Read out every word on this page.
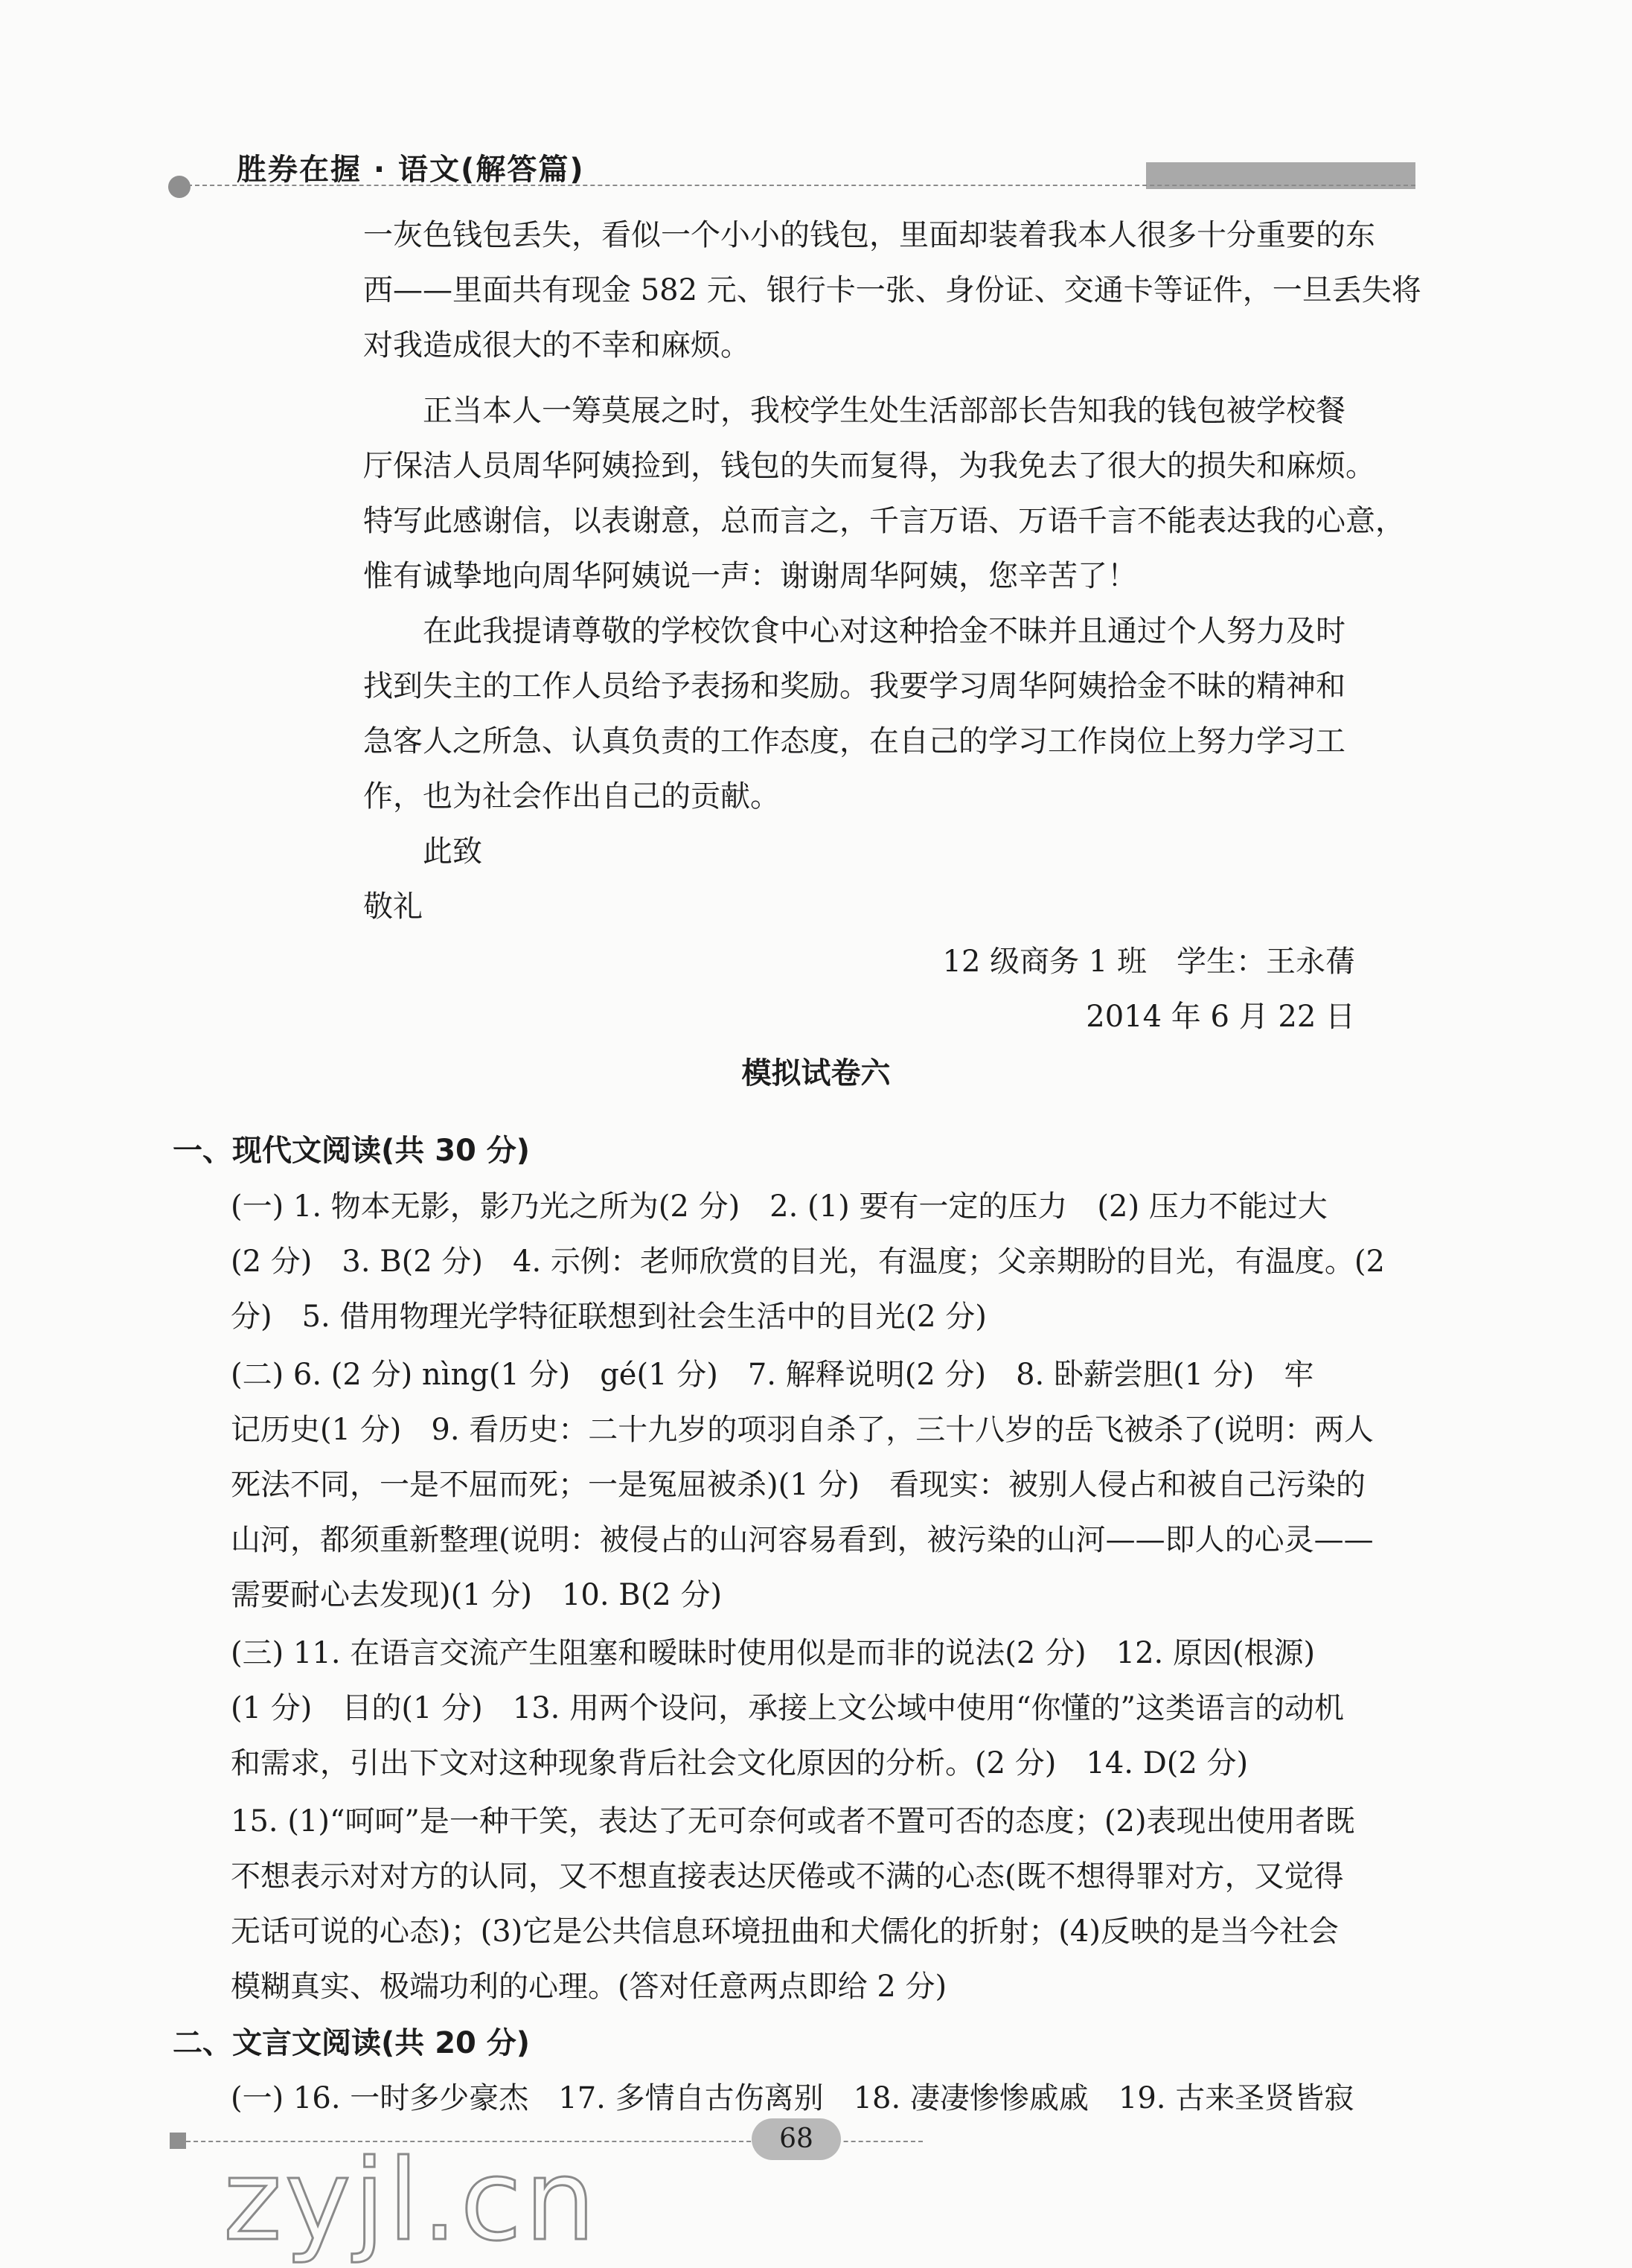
胜券在握 · 语文(解答篇)
一灰色钱包丢失，看似一个小小的钱包，里面却装着我本人很多十分重要的东
西——里面共有现金 582 元、银行卡一张、身份证、交通卡等证件，一旦丢失将
对我造成很大的不幸和麻烦。
　　正当本人一筹莫展之时，我校学生处生活部部长告知我的钱包被学校餐
厅保洁人员周华阿姨捡到，钱包的失而复得，为我免去了很大的损失和麻烦。
特写此感谢信，以表谢意，总而言之，千言万语、万语千言不能表达我的心意，
惟有诚挚地向周华阿姨说一声：谢谢周华阿姨，您辛苦了！
　　在此我提请尊敬的学校饮食中心对这种拾金不昧并且通过个人努力及时
找到失主的工作人员给予表扬和奖励。我要学习周华阿姨拾金不昧的精神和
急客人之所急、认真负责的工作态度，在自己的学习工作岗位上努力学习工
作，也为社会作出自己的贡献。
　　此致
敬礼
12 级商务 1 班　学生：王永蒨
2014 年 6 月 22 日
模拟试卷六
一、现代文阅读(共 30 分)
(一) 1. 物本无影，影乃光之所为(2 分)　2. (1) 要有一定的压力　(2) 压力不能过大
(2 分)　3. B(2 分)　4. 示例：老师欣赏的目光，有温度；父亲期盼的目光，有温度。(2
分)　5. 借用物理光学特征联想到社会生活中的目光(2 分)
(二) 6. (2 分) nìng(1 分)　gé(1 分)　7. 解释说明(2 分)　8. 卧薪尝胆(1 分)　牢
记历史(1 分)　9. 看历史：二十九岁的项羽自杀了，三十八岁的岳飞被杀了(说明：两人
死法不同，一是不屈而死；一是冤屈被杀)(1 分)　看现实：被别人侵占和被自己污染的
山河，都须重新整理(说明：被侵占的山河容易看到，被污染的山河——即人的心灵——
需要耐心去发现)(1 分)　10. B(2 分)
(三) 11. 在语言交流产生阻塞和暧昧时使用似是而非的说法(2 分)　12. 原因(根源)
(1 分)　目的(1 分)　13. 用两个设问，承接上文公域中使用“你懂的”这类语言的动机
和需求，引出下文对这种现象背后社会文化原因的分析。(2 分)　14. D(2 分)
15. (1)“呵呵”是一种干笑，表达了无可奈何或者不置可否的态度；(2)表现出使用者既
不想表示对对方的认同，又不想直接表达厌倦或不满的心态(既不想得罪对方，又觉得
无话可说的心态)；(3)它是公共信息环境扭曲和犬儒化的折射；(4)反映的是当今社会
模糊真实、极端功利的心理。(答对任意两点即给 2 分)
二、文言文阅读(共 20 分)
(一) 16. 一时多少豪杰　17. 多情自古伤离别　18. 凄凄惨惨戚戚　19. 古来圣贤皆寂
68
zyjl.cn
